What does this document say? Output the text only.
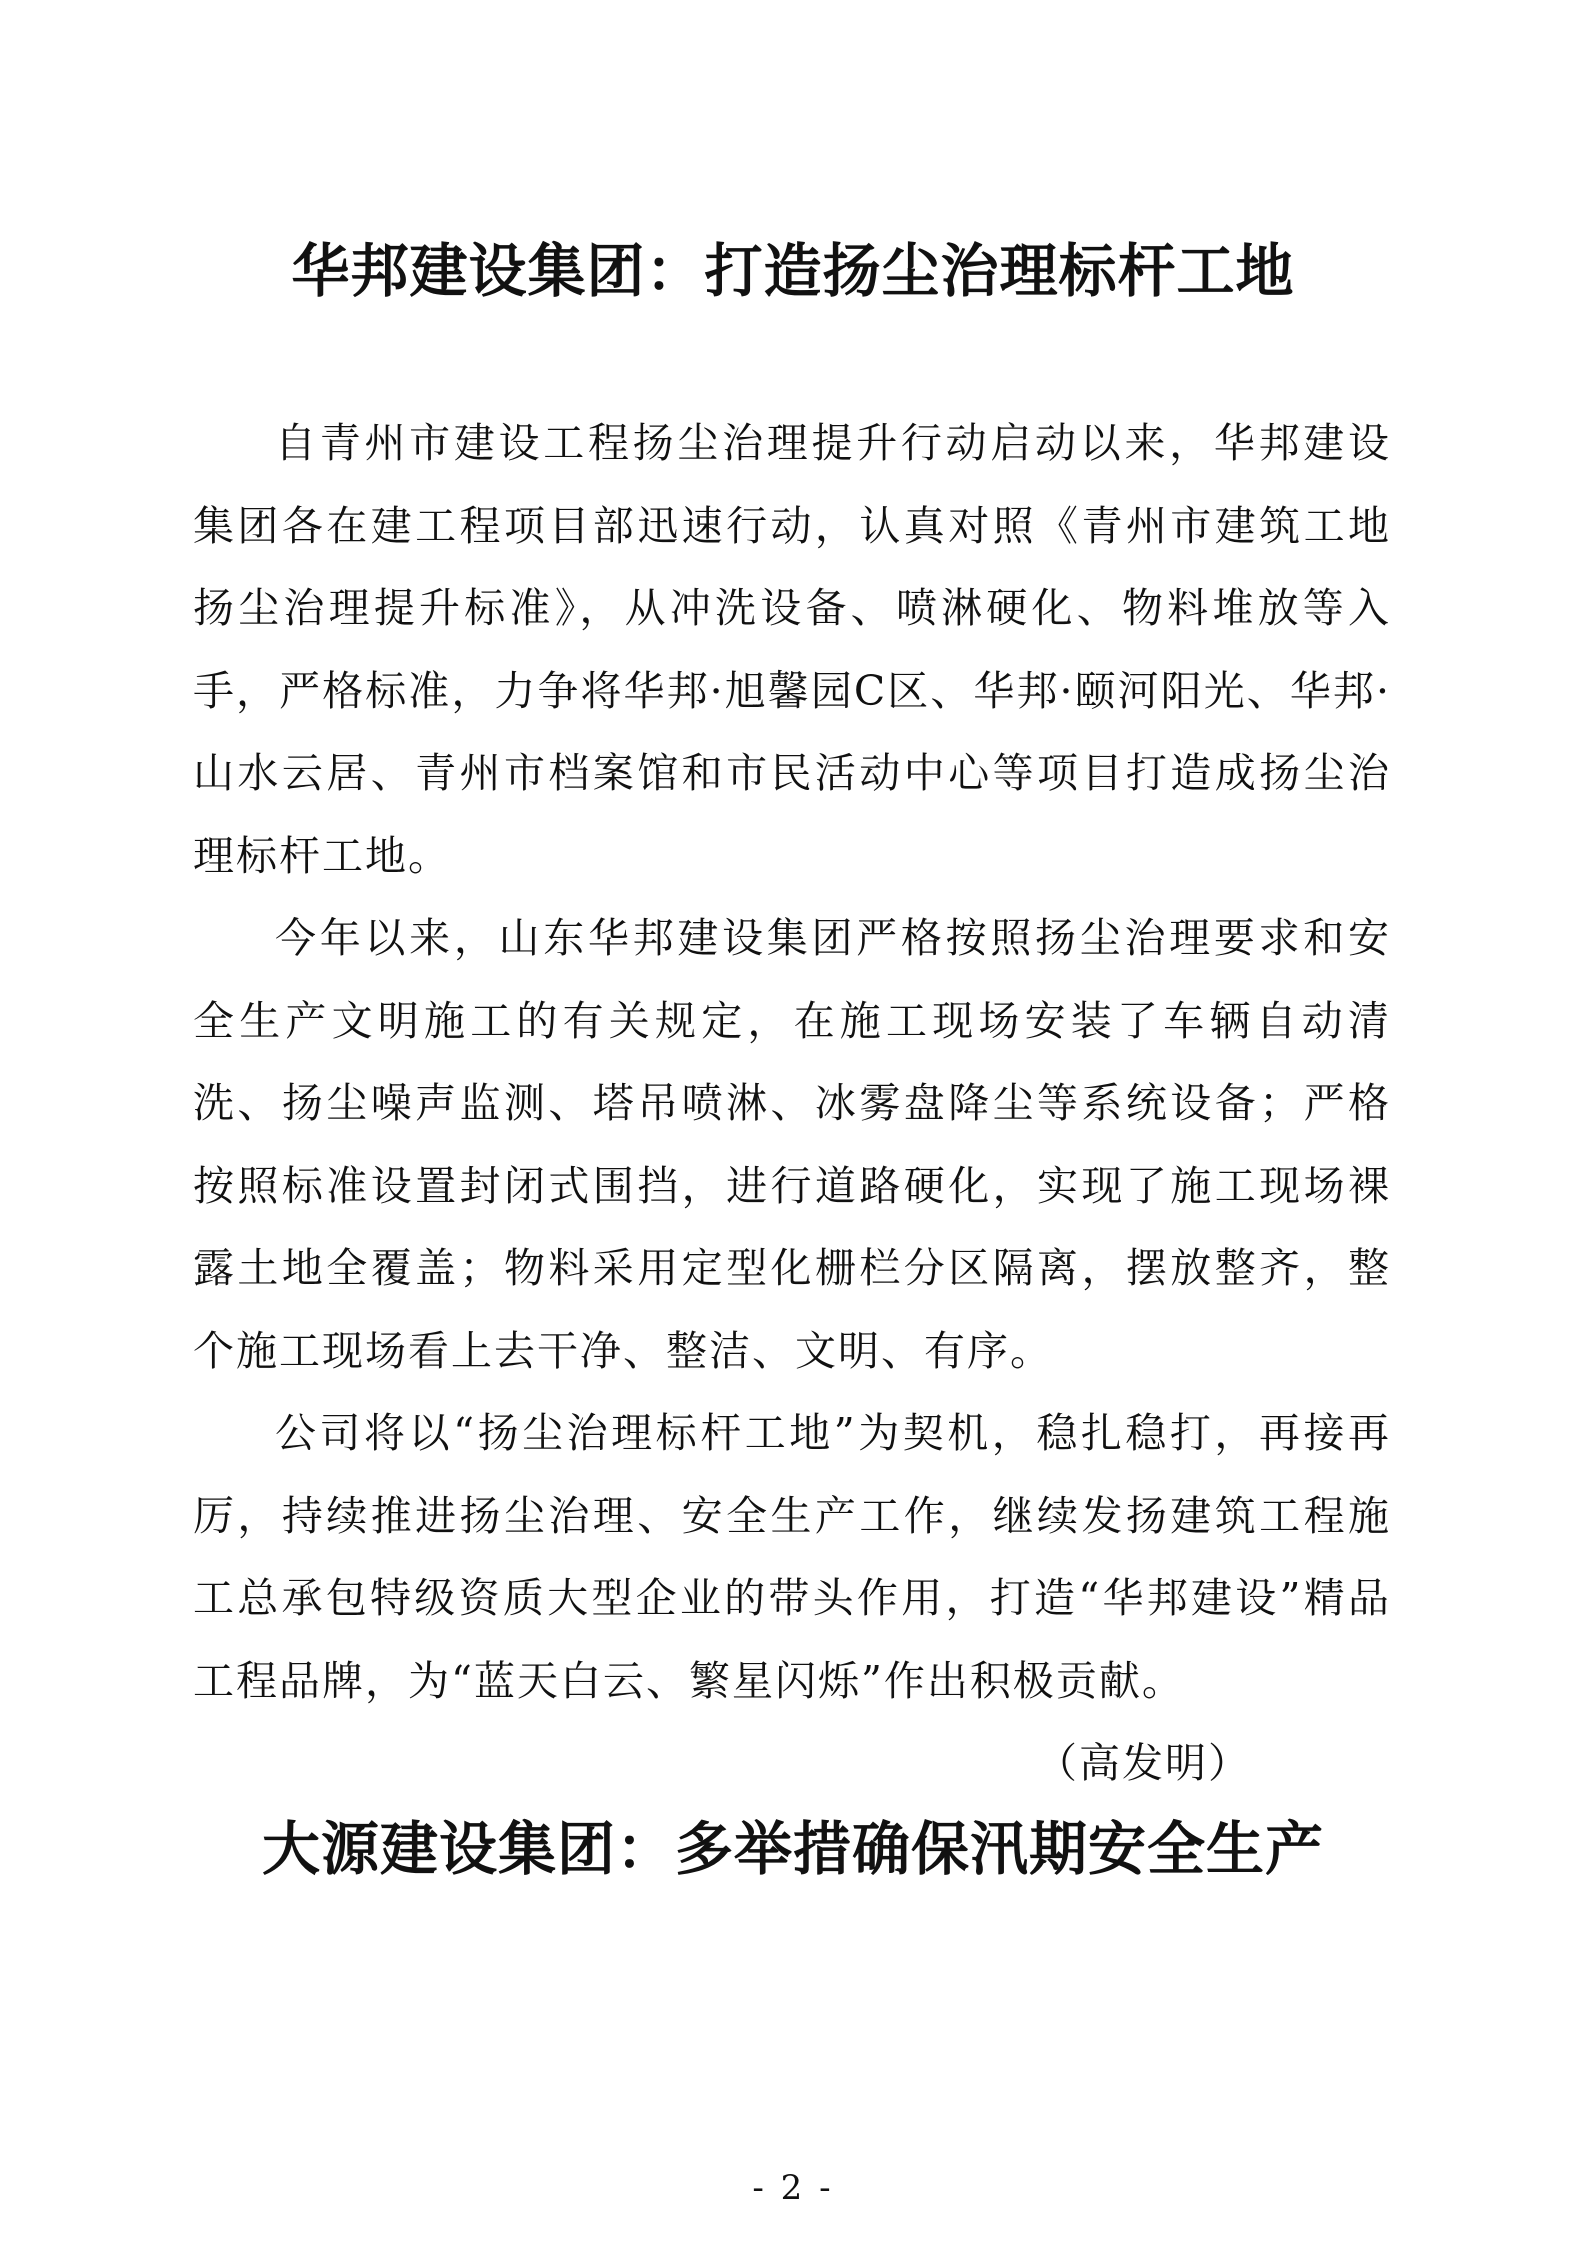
华邦建设集团：打造扬尘治理标杆工地

自青州市建设工程扬尘治理提升行动启动以来，华邦建设集团各在建工程项目部迅速行动，认真对照《青州市建筑工地扬尘治理提升标准》，从冲洗设备、喷淋硬化、物料堆放等入手，严格标准，力争将华邦·旭馨园C区、华邦·颐河阳光、华邦·山水云居、青州市档案馆和市民活动中心等项目打造成扬尘治理标杆工地。

今年以来，山东华邦建设集团严格按照扬尘治理要求和安全生产文明施工的有关规定，在施工现场安装了车辆自动清洗、扬尘噪声监测、塔吊喷淋、冰雾盘降尘等系统设备；严格按照标准设置封闭式围挡，进行道路硬化，实现了施工现场裸露土地全覆盖；物料采用定型化栅栏分区隔离，摆放整齐，整个施工现场看上去干净、整洁、文明、有序。

公司将以“扬尘治理标杆工地”为契机，稳扎稳打，再接再厉，持续推进扬尘治理、安全生产工作，继续发扬建筑工程施工总承包特级资质大型企业的带头作用，打造“华邦建设”精品工程品牌，为“蓝天白云、繁星闪烁”作出积极贡献。

（高发明）

大源建设集团：多举措确保汛期安全生产
- 2 -
